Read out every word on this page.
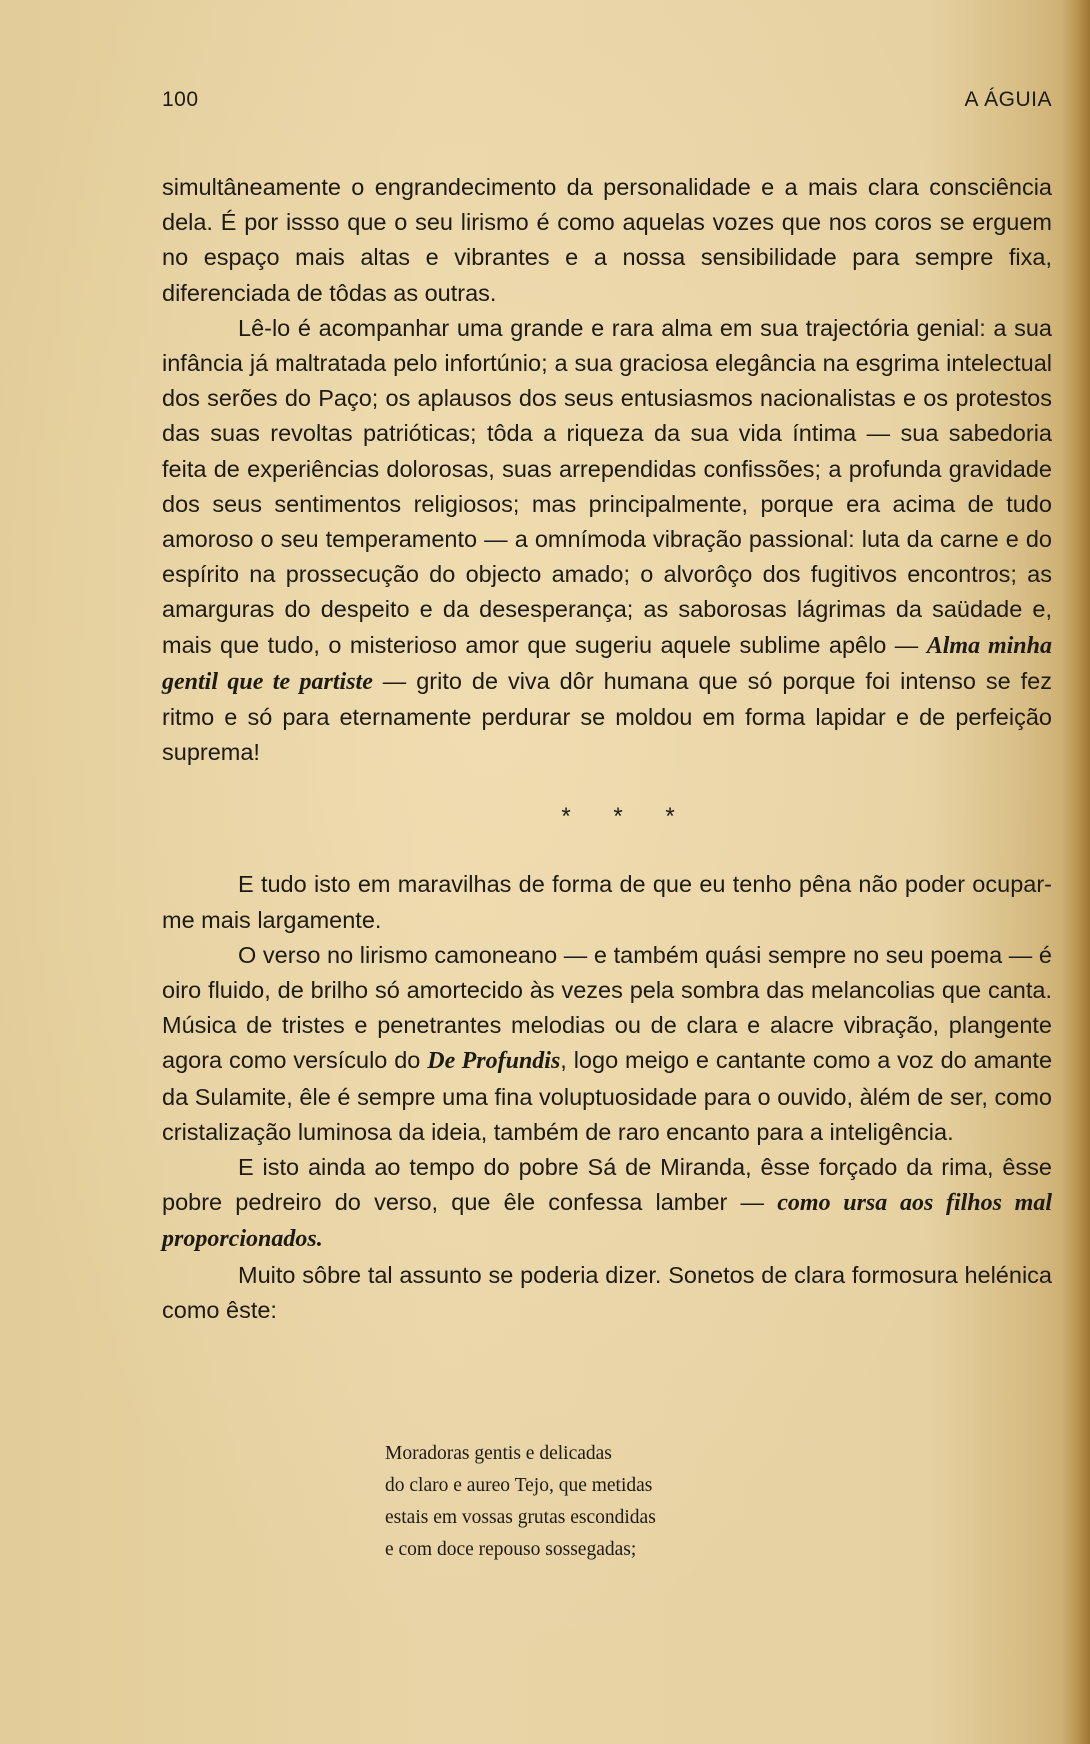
100	A ÁGUIA

simultâneamente o engrandecimento da personalidade e a mais clara consciência dela. É por issso que o seu lirismo é como aquelas vozes que nos coros se erguem no espaço mais altas e vibrantes e a nossa sensibilidade para sempre fixa, diferenciada de tôdas as outras.

Lê-lo é acompanhar uma grande e rara alma em sua trajectória genial: a sua infância já maltratada pelo infortúnio; a sua graciosa elegância na esgrima intelectual dos serões do Paço; os aplausos dos seus entusiasmos nacionalistas e os protestos das suas revoltas patrióticas; tôda a riqueza da sua vida íntima — sua sabedoria feita de experiências dolorosas, suas arrependidas confissões; a profunda gravidade dos seus sentimentos religiosos; mas principalmente, porque era acima de tudo amoroso o seu temperamento — a omnímoda vibração passional: luta da carne e do espírito na prossecução do objecto amado; o alvorôço dos fugitivos encontros; as amarguras do despeito e da desesperança; as saborosas lágrimas da saüdade e, mais que tudo, o misterioso amor que sugeriu aquele sublime apêlo — Alma minha gentil que te partiste — grito de viva dôr humana que só porque foi intenso se fez ritmo e só para eternamente perdurar se moldou em forma lapidar e de perfeição suprema!

* * *

E tudo isto em maravilhas de forma de que eu tenho pêna não poder ocupar-me mais largamente.

O verso no lirismo camoneano — e também quási sempre no seu poema — é oiro fluido, de brilho só amortecido às vezes pela sombra das melancolias que canta. Música de tristes e penetrantes melodias ou de clara e alacre vibração, plangente agora como versículo do De Profundis, logo meigo e cantante como a voz do amante da Sulamite, êle é sempre uma fina voluptuosidade para o ouvido, àlém de ser, como cristalização luminosa da ideia, também de raro encanto para a inteligência.

E isto ainda ao tempo do pobre Sá de Miranda, êsse forçado da rima, êsse pobre pedreiro do verso, que êle confessa lamber — como ursa aos filhos mal proporcionados.

Muito sôbre tal assunto se poderia dizer. Sonetos de clara formosura helénica como êste:

Moradoras gentis e delicadas
do claro e aureo Tejo, que metidas
estais em vossas grutas escondidas
e com doce repouso sossegadas;
